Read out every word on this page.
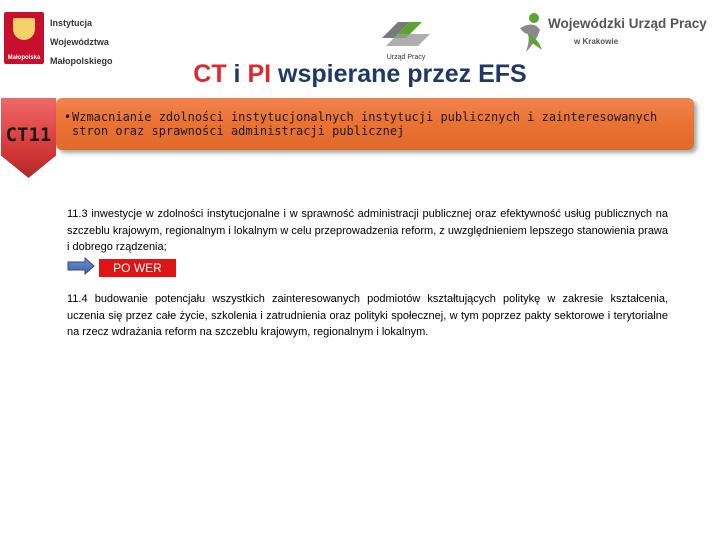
Małopolska
Instytucja
Województwa
Małopolskiego	Urząd Pracy
Wojewódzki Urząd Pracy
w Krakowie
CT i PI wspierane przez EFS
CT11
• Wzmacnianie zdolności instytucjonalnych instytucji publicznych i zainteresowanych stron oraz sprawności administracji publicznej
11.3 inwestycje w zdolności instytucjonalne i w sprawność administracji publicznej oraz efektywność usług publicznych na szczeblu krajowym, regionalnym i lokalnym w celu przeprowadzenia reform, z uwzględnieniem lepszego stanowienia prawa i dobrego rządzenia;
PO WER
11.4 budowanie potencjału wszystkich zainteresowanych podmiotów kształtujących politykę w zakresie kształcenia, uczenia się przez całe życie, szkolenia i zatrudnienia oraz polityki społecznej, w tym poprzez pakty sektorowe i terytorialne na rzecz wdrażania reform na szczeblu krajowym, regionalnym i lokalnym.
